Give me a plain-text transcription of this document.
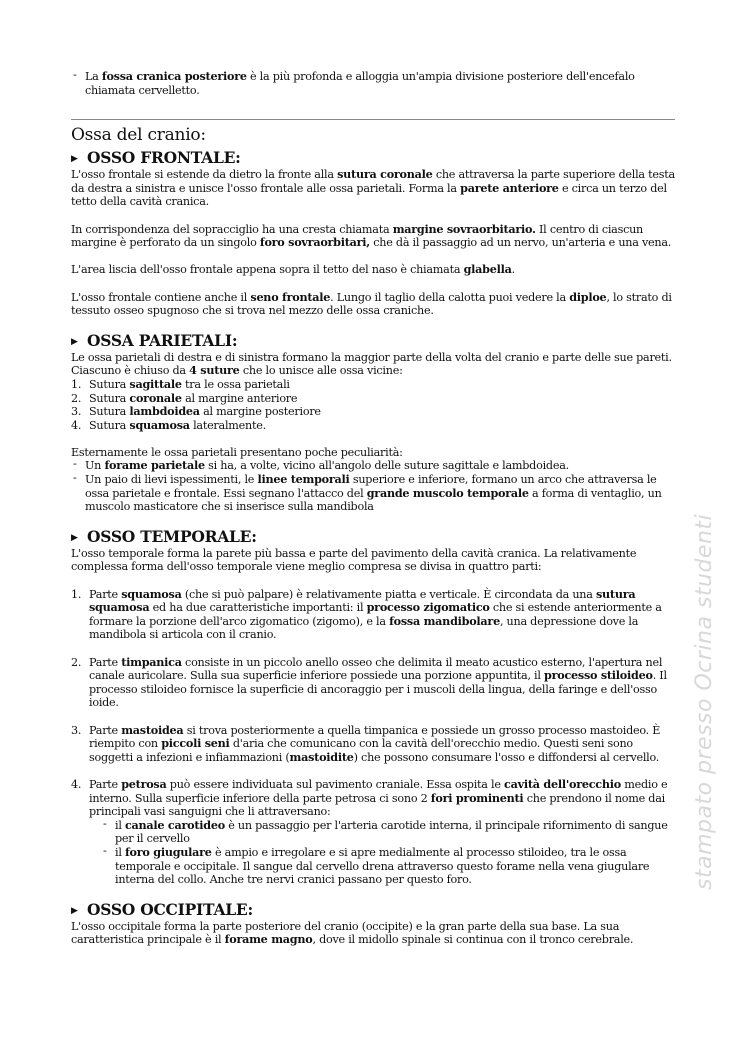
stampato presso Ocrina studenti

- La fossa cranica posteriore è la più profonda e alloggia un'ampia divisione posteriore dell'encefalo chiamata cervelletto.

Ossa del cranio:
▶ OSSO FRONTALE:

L'osso frontale si estende da dietro la fronte alla sutura coronale che attraversa la parte superiore della testa da destra a sinistra e unisce l'osso frontale alle ossa parietali. Forma la parete anteriore e circa un terzo del tetto della cavità cranica.

In corrispondenza del sopracciglio ha una cresta chiamata margine sovraorbitario. Il centro di ciascun margine è perforato da un singolo foro sovraorbitari, che dà il passaggio ad un nervo, un'arteria e una vena.

L'area liscia dell'osso frontale appena sopra il tetto del naso è chiamata glabella.

L'osso frontale contiene anche il seno frontale. Lungo il taglio della calotta puoi vedere la diploe, lo strato di tessuto osseo spugnoso che si trova nel mezzo delle ossa craniche.

▶ OSSA PARIETALI:

Le ossa parietali di destra e di sinistra formano la maggior parte della volta del cranio e parte delle sue pareti. Ciascuno è chiuso da 4 suture che lo unisce alle ossa vicine:

1. Sutura sagittale tra le ossa parietali

2. Sutura coronale al margine anteriore

3. Sutura lambdoidea al margine posteriore

4. Sutura squamosa lateralmente.

Esternamente le ossa parietali presentano poche peculiarità:

- Un forame parietale si ha, a volte, vicino all'angolo delle suture sagittale e lambdoidea.

- Un paio di lievi ispessimenti, le linee temporali superiore e inferiore, formano un arco che attraversa le ossa parietale e frontale. Essi segnano l'attacco del grande muscolo temporale a forma di ventaglio, un muscolo masticatore che si inserisce sulla mandibola

▶ OSSO TEMPORALE:

L'osso temporale forma la parete più bassa e parte del pavimento della cavità cranica. La relativamente complessa forma dell'osso temporale viene meglio compresa se divisa in quattro parti:

1. Parte squamosa (che si può palpare) è relativamente piatta e verticale. È circondata da una sutura squamosa ed ha due caratteristiche importanti: il processo zigomatico che si estende anteriormente a formare la porzione dell'arco zigomatico (zigomo), e la fossa mandibolare, una depressione dove la mandibola si articola con il cranio.

2. Parte timpanica consiste in un piccolo anello osseo che delimita il meato acustico esterno, l'apertura nel canale auricolare. Sulla sua superficie inferiore possiede una porzione appuntita, il processo stiloideo. Il processo stiloideo fornisce la superficie di ancoraggio per i muscoli della lingua, della faringe e dell'osso ioide.

3. Parte mastoidea si trova posteriormente a quella timpanica e possiede un grosso processo mastoideo. È riempito con piccoli seni d'aria che comunicano con la cavità dell'orecchio medio. Questi seni sono soggetti a infezioni e infiammazioni (mastoidite) che possono consumare l'osso e diffondersi al cervello.

4. Parte petrosa può essere individuata sul pavimento craniale. Essa ospita le cavità dell'orecchio medio e interno. Sulla superficie inferiore della parte petrosa ci sono 2 fori prominenti che prendono il nome dai principali vasi sanguigni che li attraversano:

- il canale carotideo è un passaggio per l'arteria carotide interna, il principale rifornimento di sangue per il cervello

- il foro giugulare è ampio e irregolare e si apre medialmente al processo stiloideo, tra le ossa temporale e occipitale. Il sangue dal cervello drena attraverso questo forame nella vena giugulare interna del collo. Anche tre nervi cranici passano per questo foro.

▶ OSSO OCCIPITALE:

L'osso occipitale forma la parte posteriore del cranio (occipite) e la gran parte della sua base. La sua caratteristica principale è il forame magno, dove il midollo spinale si continua con il tronco cerebrale.
